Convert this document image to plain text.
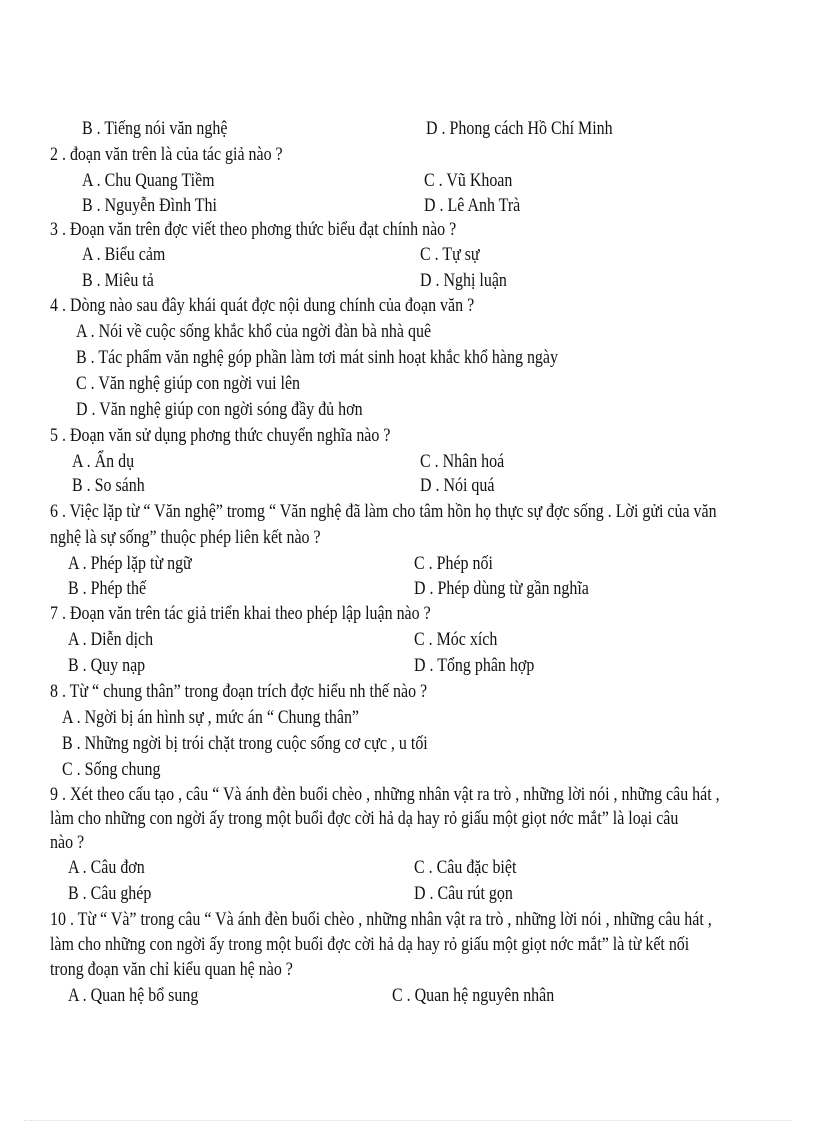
B . Tiếng nói văn nghệ	D . Phong cách Hồ Chí Minh
2 . đoạn văn trên là của tác giả nào ?
A . Chu Quang Tiềm	C . Vũ Khoan
B . Nguyễn Đình Thi	D . Lê Anh Trà
3 . Đoạn văn trên đợc viết theo phơng thức biểu đạt chính nào ?
A . Biểu cảm	C . Tự sự
B . Miêu tả	D . Nghị luận
4 . Dòng nào sau đây khái quát đợc nội dung chính của đoạn văn ?
A . Nói về cuộc sống khắc khổ của ngời đàn bà nhà quê
B . Tác phẩm văn nghệ góp phần làm tơi mát sinh hoạt khắc khổ hàng ngày
C . Văn nghệ giúp con ngời vui lên
D . Văn nghệ giúp con ngời sóng đầy đủ hơn
5 . Đoạn văn sử dụng phơng thức chuyển nghĩa nào ?
A . Ẩn dụ	C . Nhân hoá
B . So sánh	D . Nói quá
6 . Việc lặp từ “ Văn nghệ” tromg “ Văn nghệ đã làm cho tâm hồn họ thực sự đợc sống . Lời gửi của văn
nghệ là sự sống” thuộc phép liên kết nào ?
A . Phép lặp từ ngữ	C . Phép nối
B . Phép thế	D . Phép dùng từ gần nghĩa
7 . Đoạn văn trên tác giả triển khai theo phép lập luận nào ?
A . Diễn dịch	C . Móc xích
B . Quy nạp	D . Tổng phân hợp
8 . Từ “ chung thân” trong đoạn trích đợc hiểu nh thế nào ?
A . Ngời bị án hình sự , mức án “ Chung thân”
B . Những ngời bị trói chặt trong cuộc sống cơ cực , u tối
C . Sống chung
9 . Xét theo cấu tạo , câu “ Và ánh đèn buổi chèo , những nhân vật ra trò , những lời nói , những câu hát ,
làm cho những con ngời ấy trong một buổi đợc cời hả dạ hay rỏ giấu một giọt nớc mắt” là loại câu
nào ?
A . Câu đơn	C . Câu đặc biệt
B . Câu ghép	D . Câu rút gọn
10 . Từ “ Và” trong câu “ Và ánh đèn buổi chèo , những nhân vật ra trò , những lời nói , những câu hát ,
làm cho những con ngời ấy trong một buổi đợc cời hả dạ hay rỏ giấu một giọt nớc mắt” là từ kết nối
trong đoạn văn chỉ kiểu quan hệ nào ?
A . Quan hệ bổ sung	C . Quan hệ nguyên nhân
